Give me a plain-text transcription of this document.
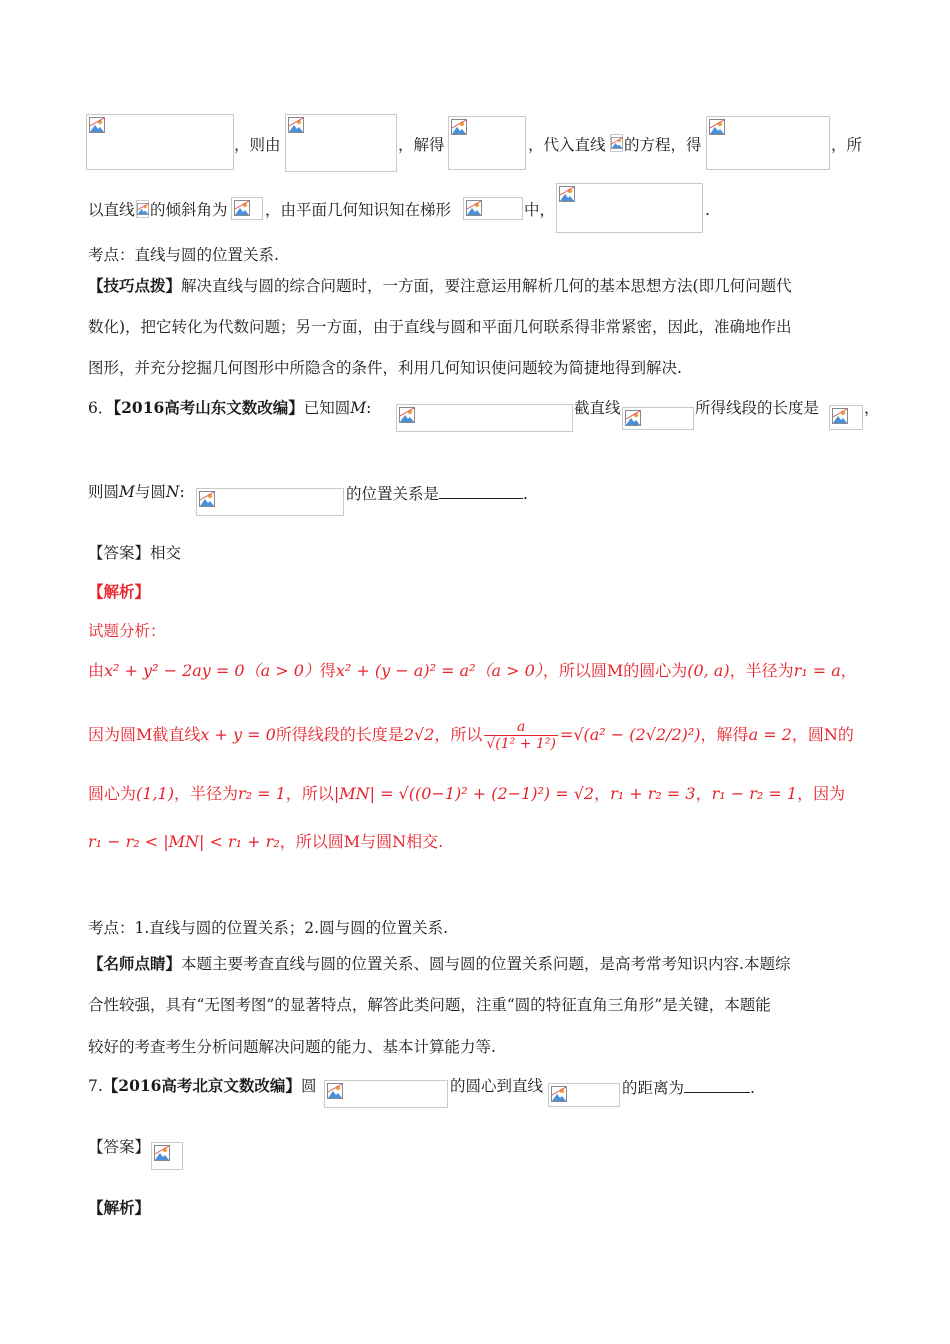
，则由	，解得	，代入直线	的方程，得	，所
以直线 的倾斜角为	，由平面几何知识知在梯形	中，	.
考点：直线与圆的位置关系.
【技巧点拨】解决直线与圆的综合问题时，一方面，要注意运用解析几何的基本思想方法(即几何问题代
数化)，把它转化为代数问题；另一方面，由于直线与圆和平面几何联系得非常紧密，因此，准确地作出
图形，并充分挖掘几何图形中所隐含的条件，利用几何知识使问题较为简捷地得到解决.
6．【2016高考山东文数改编】已知圆M:	截直线	所得线段的长度是	，
则圆M与圆N:	的位置关系是	.
【答案】相交
【解析】
试题分析：
由x² + y² − 2ay = 0（a > 0）得x² + (y − a)² = a²（a > 0），所以圆M的圆心为(0, a)，半径为r₁ = a，
因为圆M截直线x + y = 0所得线段的长度是2√2，所以 $\frac{a}{\text{√(1² + 1²)}} =√(a^2 - (2√2/2)^2)$，解得a = 2，圆N的
圆心为(1,1)，半径为r₂ = 1，所以|MN| = √((0−1)² + (2−1)²) = √2，r₁ + r₂ = 3，r₁ − r₂ = 1，因为
r₁ − r₂ < |MN| < r₁ + r₂，所以圆M与圆N相交.
考点：1.直线与圆的位置关系；2.圆与圆的位置关系.
【名师点睛】本题主要考查直线与圆的位置关系、圆与圆的位置关系问题，是高考常考知识内容.本题综
合性较强，具有“无图考图”的显著特点，解答此类问题，注重“圆的特征直角三角形”是关键，本题能
较好的考查考生分析问题解决问题的能力、基本计算能力等.
7.【2016高考北京文数改编】圆	的圆心到直线	的距离为	.
【答案】
【解析】
